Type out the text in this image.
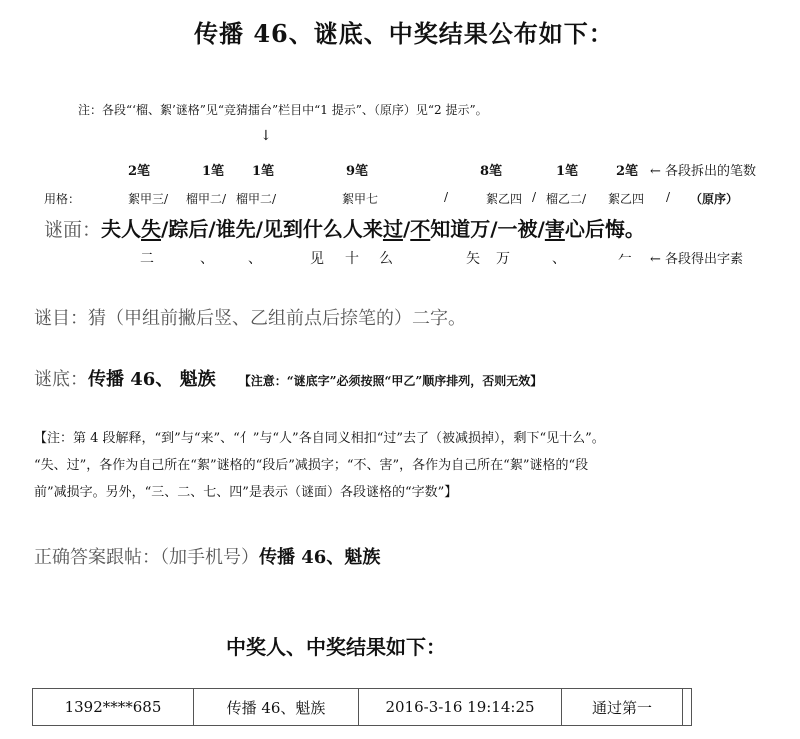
传播 46、谜底、中奖结果公布如下：
注：各段“‘榴、絮’谜格”见“竞猜擂台”栏目中“1 提示”、（原序）见“2 提示”。
↓
2笔	1笔 1笔	9笔	8笔	1笔	2笔 ← 各段拆出的笔数
用格：	絮甲三/ 榴甲二/ 榴甲二/	絮甲七	/	絮乙四 / 榴乙二/ 絮乙四 / （原序）
谜面：夫人失/踪后/谁先/见到什么人来过/不知道万/一被/害心后悔。
二	、 、	见 十 么	矢 万	、	𠂉 ← 各段得出字素
谜目：猜（甲组前撇后竖、乙组前点后捺笔的）二字。
谜底：传播 46、 魁族 【注意：“谜底字”必须按照“甲乙”顺序排列，否则无效】
【注：第 4 段解释，“到”与“来”、“亻”与“人”各自同义相扣“过”去了（被减损掉），剩下“见十么”。
“失、过”，各作为自己所在“絮”谜格的“段后”减损字；“不、害”，各作为自己所在“絮”谜格的“段
前”减损字。另外，“三、二、七、四”是表示（谜面）各段谜格的“字数”】
正确答案跟帖：（加手机号）传播 46、魁族
中奖人、中奖结果如下：
1392****685	传播 46、魁族	2016-3-16 19:14:25	通过第一	
